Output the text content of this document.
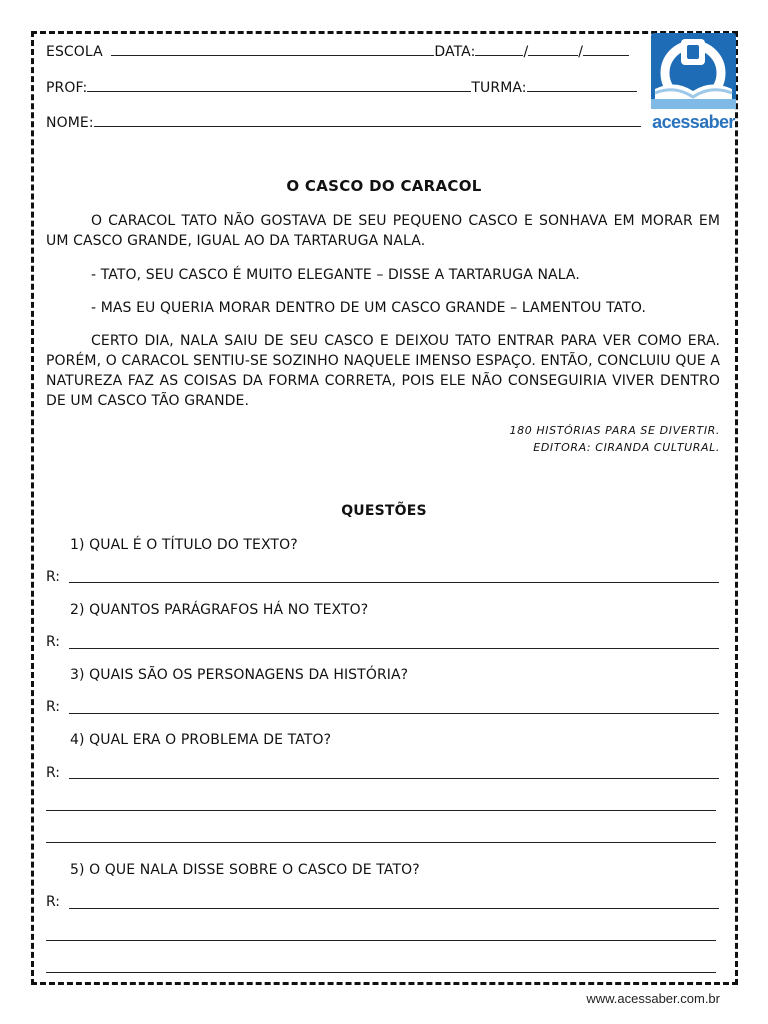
ESCOLA	DATA:	/	/
PROF:	TURMA:
NOME:	acessaber
O CASCO DO CARACOL

O CARACOL TATO NÃO GOSTAVA DE SEU PEQUENO CASCO E SONHAVA EM MORAR EM UM CASCO GRANDE, IGUAL AO DA TARTARUGA NALA.

- TATO, SEU CASCO É MUITO ELEGANTE – DISSE A TARTARUGA NALA.

- MAS EU QUERIA MORAR DENTRO DE UM CASCO GRANDE – LAMENTOU TATO.

CERTO DIA, NALA SAIU DE SEU CASCO E DEIXOU TATO ENTRAR PARA VER COMO ERA. PORÉM, O CARACOL SENTIU-SE SOZINHO NAQUELE IMENSO ESPAÇO. ENTÃO, CONCLUIU QUE A NATUREZA FAZ AS COISAS DA FORMA CORRETA, POIS ELE NÃO CONSEGUIRIA VIVER DENTRO DE UM CASCO TÃO GRANDE.

180 HISTÓRIAS PARA SE DIVERTIR.
EDITORA: CIRANDA CULTURAL.
QUESTÕES
1) QUAL É O TÍTULO DO TEXTO?
R:
2) QUANTOS PARÁGRAFOS HÁ NO TEXTO?
R:
3) QUAIS SÃO OS PERSONAGENS DA HISTÓRIA?
R:
4) QUAL ERA O PROBLEMA DE TATO?
R:
5) O QUE NALA DISSE SOBRE O CASCO DE TATO?
R:
www.acessaber.com.br
